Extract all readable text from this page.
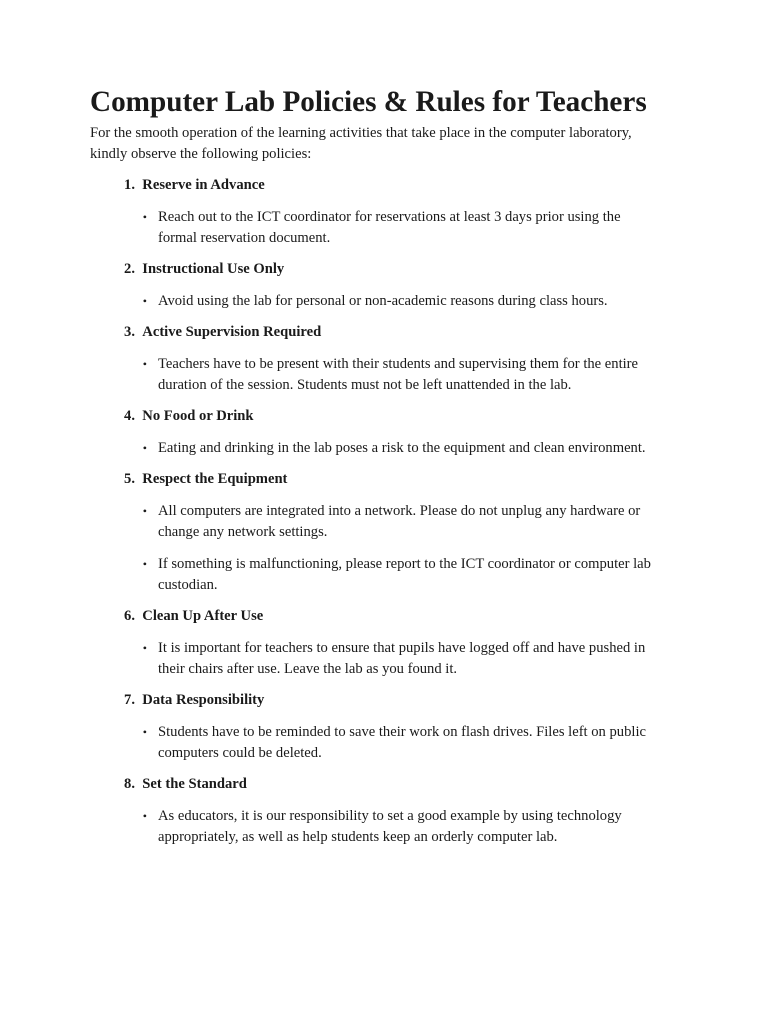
Computer Lab Policies & Rules for Teachers

For the smooth operation of the learning activities that take place in the computer laboratory, kindly observe the following policies:

1. Reserve in Advance
• Reach out to the ICT coordinator for reservations at least 3 days prior using the formal reservation document.
2. Instructional Use Only
• Avoid using the lab for personal or non-academic reasons during class hours.
3. Active Supervision Required
• Teachers have to be present with their students and supervising them for the entire duration of the session. Students must not be left unattended in the lab.
4. No Food or Drink
• Eating and drinking in the lab poses a risk to the equipment and clean environment.
5. Respect the Equipment
• All computers are integrated into a network. Please do not unplug any hardware or change any network settings.
• If something is malfunctioning, please report to the ICT coordinator or computer lab custodian.
6. Clean Up After Use
• It is important for teachers to ensure that pupils have logged off and have pushed in their chairs after use. Leave the lab as you found it.
7. Data Responsibility
• Students have to be reminded to save their work on flash drives. Files left on public computers could be deleted.
8. Set the Standard
• As educators, it is our responsibility to set a good example by using technology appropriately, as well as help students keep an orderly computer lab.
